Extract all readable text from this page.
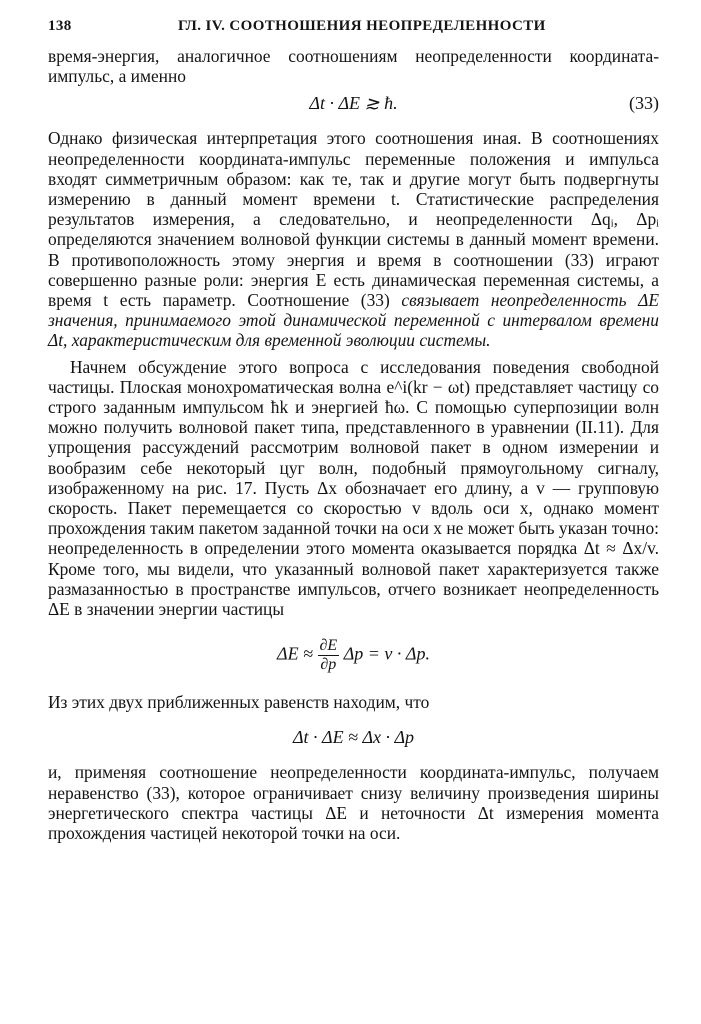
138	ГЛ. IV. СООТНОШЕНИЯ НЕОПРЕДЕЛЕННОСТИ

время-энергия, аналогичное соотношениям неопределенности координата-импульс, а именно

Δt · ΔE ≳ ħ.	(33)

Однако физическая интерпретация этого соотношения иная. В соотношениях неопределенности координата-импульс переменные положения и импульса входят симметричным образом: как те, так и другие могут быть подвергнуты измерению в данный момент времени t. Статистические распределения результатов измерения, а следовательно, и неопределенности Δqᵢ, Δpᵢ определяются значением волновой функции системы в данный момент времени. В противоположность этому энергия и время в соотношении (33) играют совершенно разные роли: энергия E есть динамическая переменная системы, а время t есть параметр. Соотношение (33) связывает неопределенность ΔE значения, принимаемого этой динамической переменной с интервалом времени Δt, характеристическим для временной эволюции системы.

Начнем обсуждение этого вопроса с исследования поведения свободной частицы. Плоская монохроматическая волна e^i(kr − ωt) представляет частицу со строго заданным импульсом ħk и энергией ħω. С помощью суперпозиции волн можно получить волновой пакет типа, представленного в уравнении (II.11). Для упрощения рассуждений рассмотрим волновой пакет в одном измерении и вообразим себе некоторый цуг волн, подобный прямоугольному сигналу, изображенному на рис. 17. Пусть Δx обозначает его длину, а v — групповую скорость. Пакет перемещается со скоростью v вдоль оси x, однако момент прохождения таким пакетом заданной точки на оси x не может быть указан точно: неопределенность в определении этого момента оказывается порядка Δt ≈ Δx/v. Кроме того, мы видели, что указанный волновой пакет характеризуется также размазанностью в пространстве импульсов, отчего возникает неопределенность ΔE в значении энергии частицы

$\Delta E \approx \frac{\partial E}{\partial p}$ Δp = v · Δp.

Из этих двух приближенных равенств находим, что

Δt · ΔE ≈ Δx · Δp

и, применяя соотношение неопределенности координата-импульс, получаем неравенство (33), которое ограничивает снизу величину произведения ширины энергетического спектра частицы ΔE и неточности Δt измерения момента прохождения частицей некоторой точки на оси.
